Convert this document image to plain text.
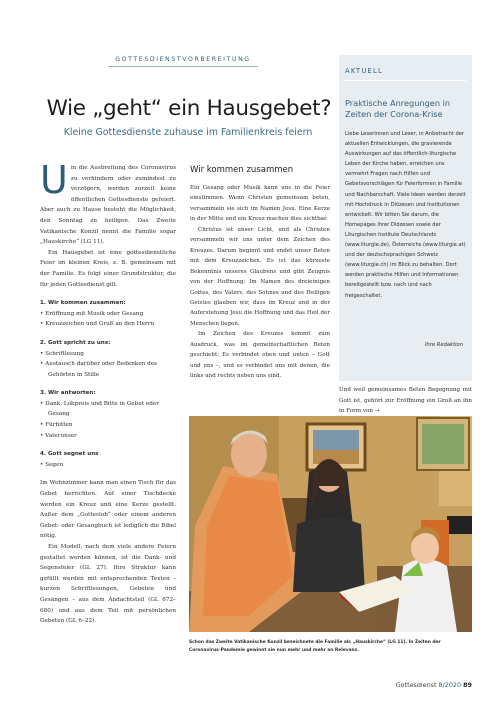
GOTTESDIENSTVORBEREITUNG
Wie „geht“ ein Hausgebet?
Kleine Gottesdienste zuhause im Familienkreis feiern
AKTUELL
Praktische Anregungen in Zeiten der Corona-Krise
Liebe Leserinnen und Leser, in Anbetracht der aktuellen Entwicklungen, die gravierende Auswirkungen auf das öffentlich-liturgische Leben der Kirche haben, erreichen uns vermehrt Fragen nach Hilfen und Gebetsvorschlägen für Feierformen in Familie und Nachbarschaft. Viele Ideen werden derzeit mit Hochdruck in Diözesen und Institutionen entwickelt. Wir bitten Sie darum, die Homepages ihrer Diözesen sowie der Liturgischen Institute Deutschlands (www.liturgie.de), Österreichs (www.liturgie.at) und der deutschsprachigen Schweiz (www.liturgie.ch) im Blick zu behalten. Dort werden praktische Hilfen und Informationen bereitgestellt bzw. nach und nach freigeschaltet.
Ihre Redaktion

Um die Ausbreitung des Coronavirus zu verhindern oder zumindest zu verzögern, werden zurzeit keine öffentlichen Gottesdienste gefeiert. Aber auch zu Hause besteht die Möglichkeit, den Sonntag zu heiligen. Das Zweite Vatikanische Konzil nennt die Familie sogar „Hauskirche“ (LG 11).

Ein Hausgebet ist eine gottesdienstliche Feier im kleinen Kreis, z. B. gemeinsam mit der Familie. Es folgt einer Grundstruktur, die für jeden Gottesdienst gilt.

1. Wir kommen zusammen:
• Eröffnung mit Musik oder Gesang
• Kreuzzeichen und Gruß an den Herrn
2. Gott spricht zu uns:
• Schriftlesung
• Austausch darüber oder Bedenken des Gehörten in Stille
3. Wir antworten:
• Dank, Lobpreis und Bitte in Gebet oder Gesang
• Fürbitten
• Vaterunser
4. Gott segnet uns
• Segen

Im Wohnzimmer kann man einen Tisch für das Gebet herrichten. Auf einer Tischdecke werden ein Kreuz und eine Kerze gestellt. Außer dem „Gotteslob“ oder einem anderen Gebet- oder Gesangbuch ist lediglich die Bibel nötig.

Ein Modell, nach dem viele andere Feiern gestaltet werden können, ist die Dank- und Segensfeier (GL 27). Ihre Struktur kann gefüllt werden mit entsprechenden Texten – kurzen Schriftlesungen, Gebeten und Gesängen – aus dem Andachtsteil (GL 672–680) und aus dem Teil mit persönlichen Gebeten (GL 6–22).

Wir kommen zusammen

Ein Gesang oder Musik kann uns in die Feier einstimmen. Wenn Christen gemeinsam beten, versammeln sie sich im Namen Jesu. Eine Kerze in der Mitte und ein Kreuz machen dies sichtbar.

Christus ist unser Licht, und als Christen versammeln wir uns unter dem Zeichen des Kreuzes. Darum beginnt und endet unser Beten mit dem Kreuzzeichen. Es ist das kürzeste Bekenntnis unseres Glaubens und gibt Zeugnis von der Hoffnung: Im Namen des dreieinigen Gottes, des Vaters, des Sohnes und des Heiligen Geistes glauben wir, dass im Kreuz und in der Auferstehung Jesu die Hoffnung und das Heil der Menschen liegen.

Im Zeichen des Kreuzes kommt zum Ausdruck, was im gemeinschaftlichen Beten geschieht: Es verbindet oben und unten – Gott und uns –, und es verbindet uns mit denen, die links und rechts neben uns sind.

Und weil gemeinsames Beten Begegnung mit Gott ist, gehört zur Eröffnung ein Gruß an ihn in Form von →
Schon das Zweite Vatikanische Konzil bezeichnete die Familie als „Hauskirche“ (LG 11). In Zeiten der Coronavirus-Pandemie gewinnt sie nun mehr und mehr an Relevanz.
Gottesdienst 8/2020 89
